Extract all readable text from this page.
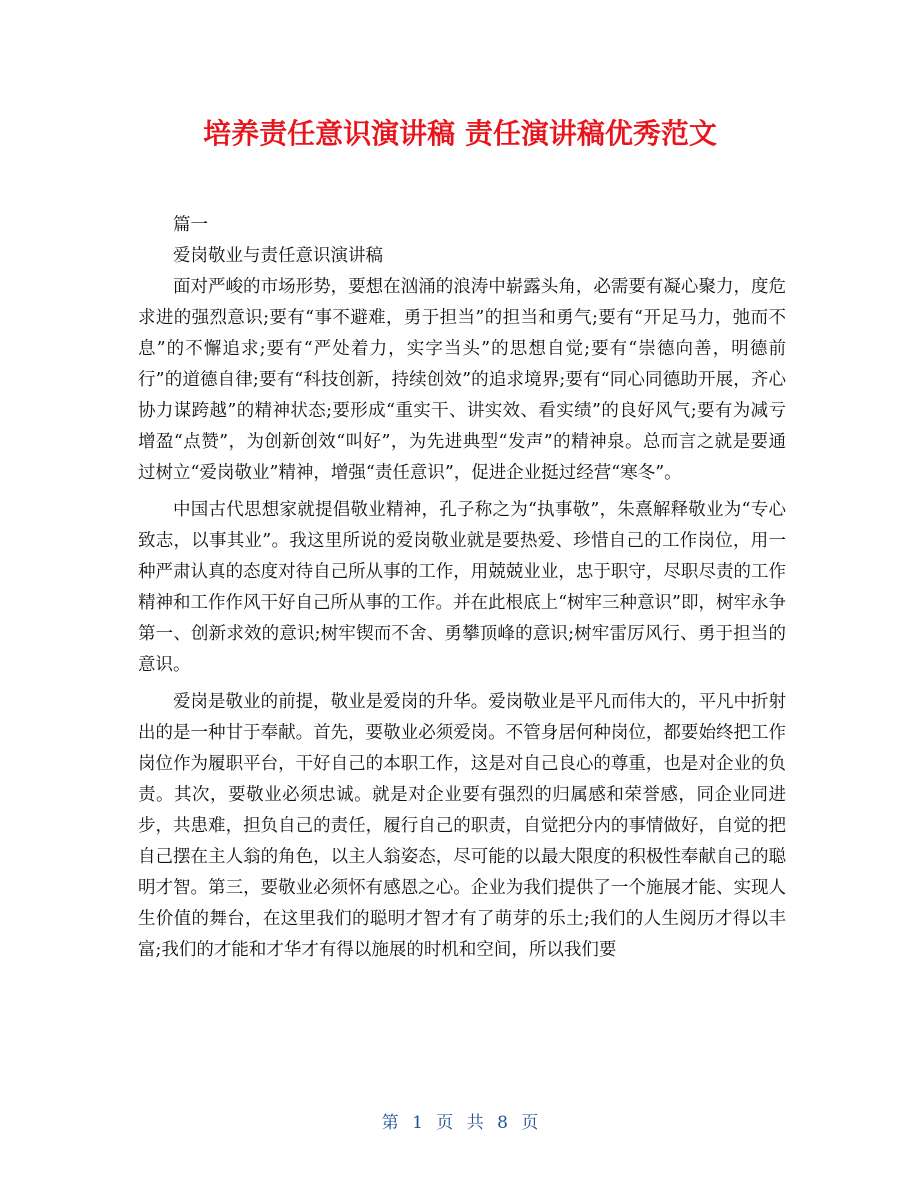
培养责任意识演讲稿 责任演讲稿优秀范文

篇一

爱岗敬业与责任意识演讲稿

面对严峻的市场形势，要想在汹涌的浪涛中崭露头角，必需要有凝心聚力，度危求进的强烈意识;要有“事不避难，勇于担当”的担当和勇气;要有“开足马力，弛而不息”的不懈追求;要有“严处着力，实字当头”的思想自觉;要有“崇德向善，明德前行”的道德自律;要有“科技创新，持续创效”的追求境界;要有“同心同德助开展，齐心协力谋跨越”的精神状态;要形成“重实干、讲实效、看实绩”的良好风气;要有为减亏增盈“点赞”，为创新创效“叫好”，为先进典型“发声”的精神泉。总而言之就是要通过树立“爱岗敬业”精神，增强“责任意识”，促进企业挺过经营“寒冬”。

中国古代思想家就提倡敬业精神，孔子称之为“执事敬”，朱熹解释敬业为“专心致志，以事其业”。我这里所说的爱岗敬业就是要热爱、珍惜自己的工作岗位，用一种严肃认真的态度对待自己所从事的工作，用兢兢业业，忠于职守，尽职尽责的工作精神和工作作风干好自己所从事的工作。并在此根底上“树牢三种意识”即，树牢永争第一、创新求效的意识;树牢锲而不舍、勇攀顶峰的意识;树牢雷厉风行、勇于担当的意识。

爱岗是敬业的前提，敬业是爱岗的升华。爱岗敬业是平凡而伟大的，平凡中折射出的是一种甘于奉献。首先，要敬业必须爱岗。不管身居何种岗位，都要始终把工作岗位作为履职平台，干好自己的本职工作，这是对自己良心的尊重，也是对企业的负责。其次，要敬业必须忠诚。就是对企业要有强烈的归属感和荣誉感，同企业同进步，共患难，担负自己的责任，履行自己的职责，自觉把分内的事情做好，自觉的把自己摆在主人翁的角色，以主人翁姿态，尽可能的以最大限度的积极性奉献自己的聪明才智。第三，要敬业必须怀有感恩之心。企业为我们提供了一个施展才能、实现人生价值的舞台，在这里我们的聪明才智才有了萌芽的乐土;我们的人生阅历才得以丰富;我们的才能和才华才有得以施展的时机和空间，所以我们要

第 1 页 共 8 页
